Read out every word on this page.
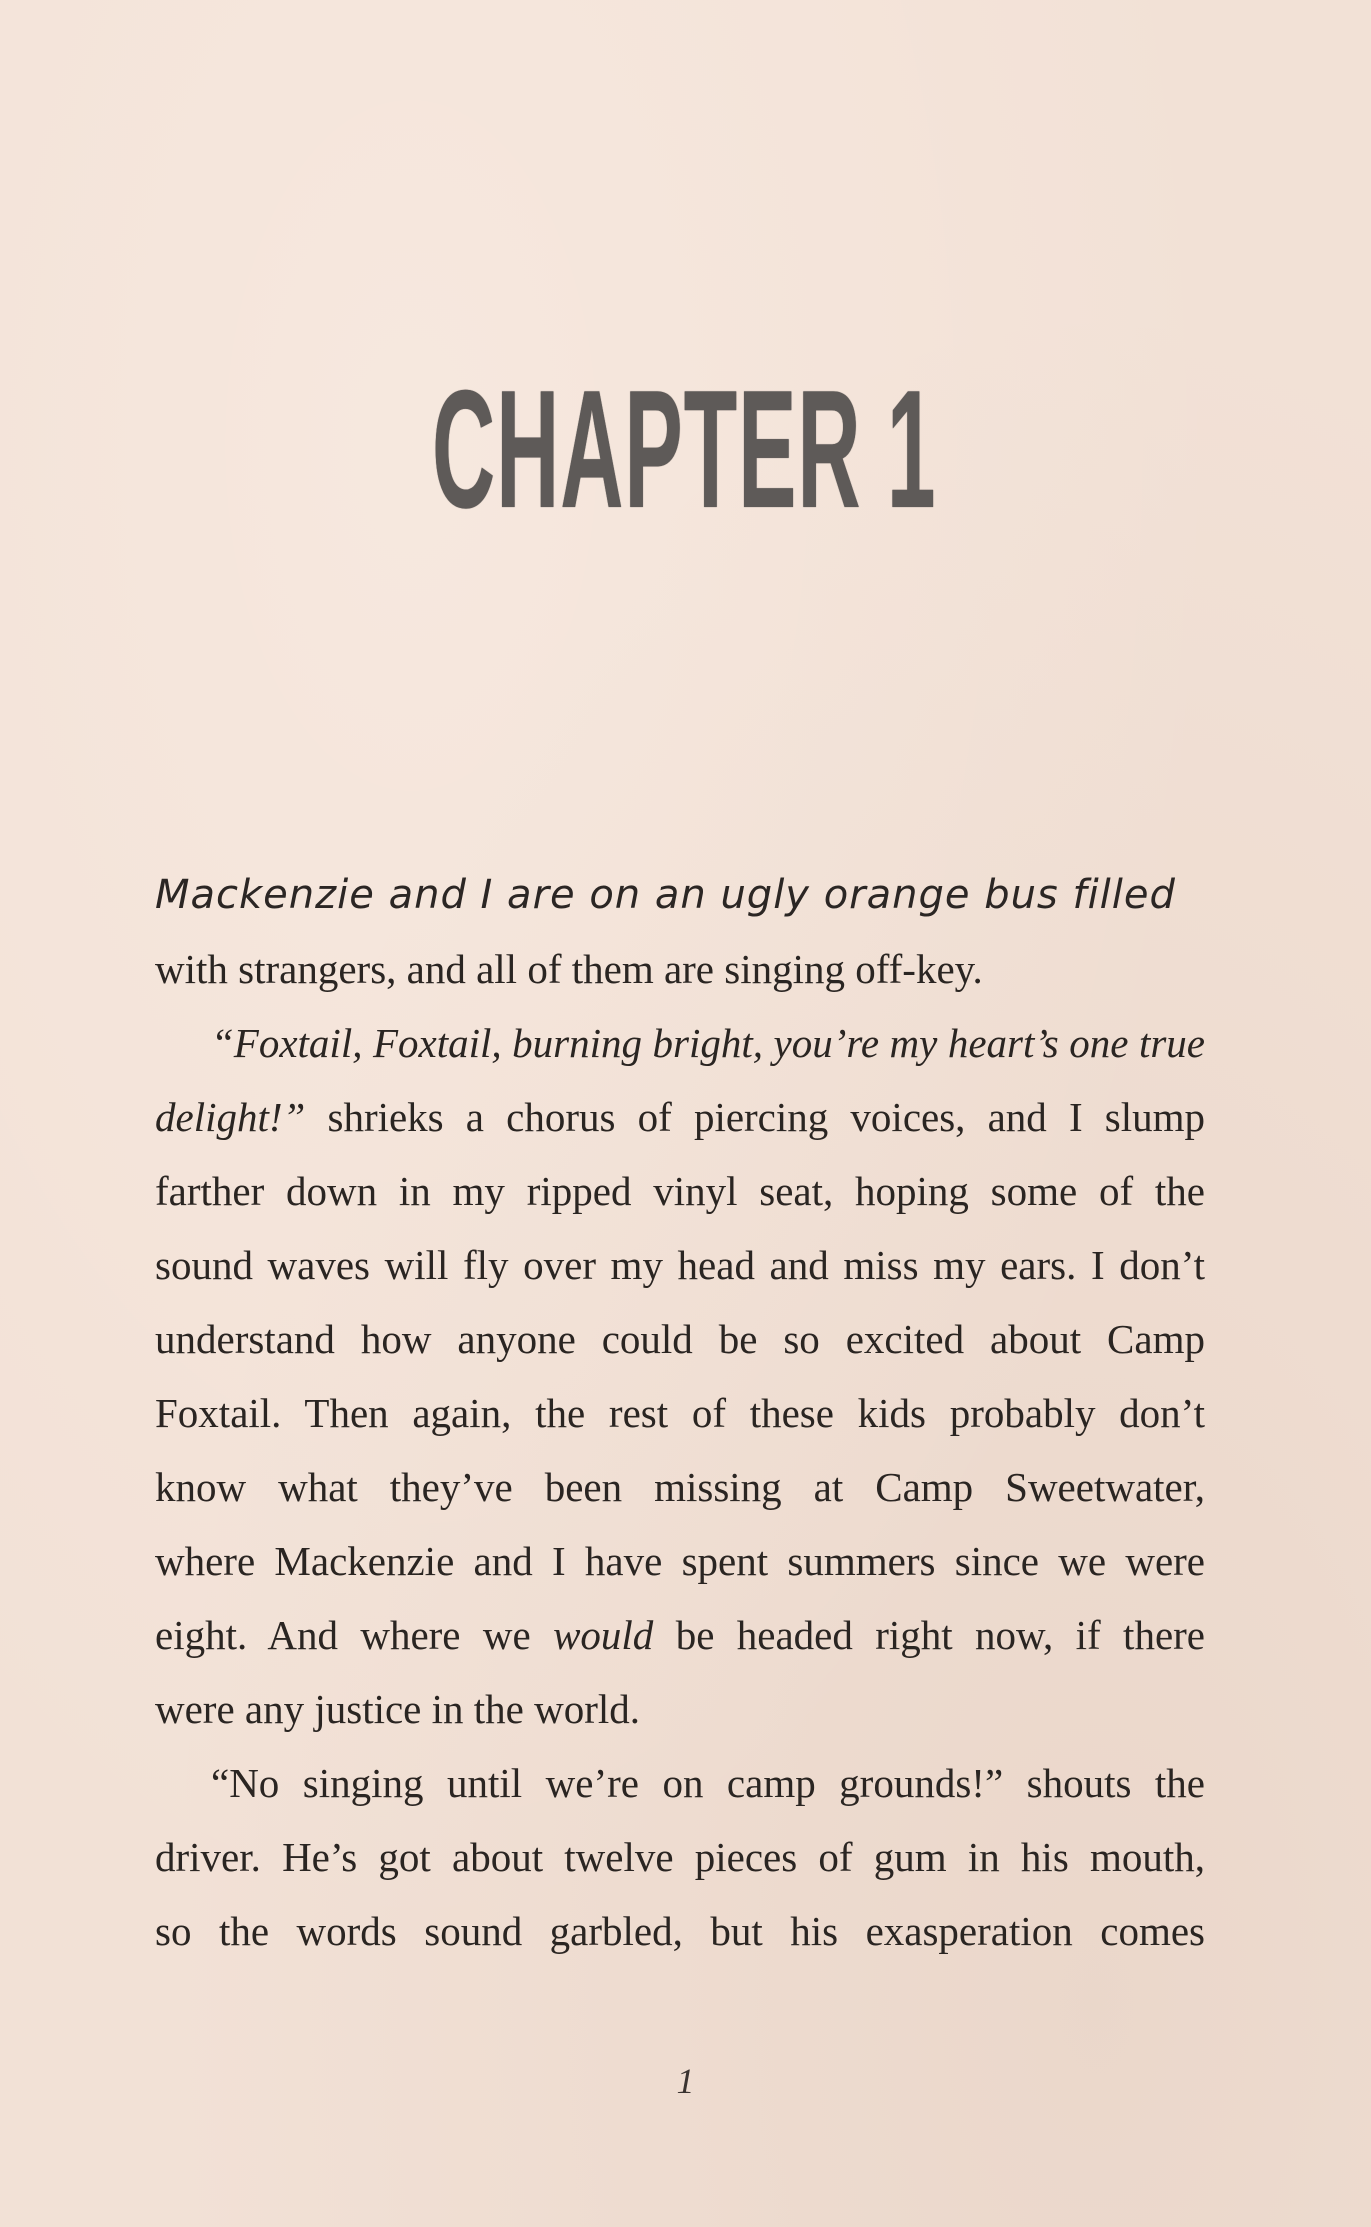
CHAPTER 1

Mackenzie and I are on an ugly orange bus filled
with strangers, and all of them are singing off-key.

“Foxtail, Foxtail, burning bright, you’re my heart’s one true
delight!” shrieks a chorus of piercing voices, and I slump
farther down in my ripped vinyl seat, hoping some of the
sound waves will fly over my head and miss my ears. I don’t
understand how anyone could be so excited about Camp
Foxtail. Then again, the rest of these kids probably don’t
know what they’ve been missing at Camp Sweetwater,
where Mackenzie and I have spent summers since we were
eight. And where we would be headed right now, if there
were any justice in the world.

“No singing until we’re on camp grounds!” shouts the
driver. He’s got about twelve pieces of gum in his mouth,
so the words sound garbled, but his exasperation comes

1
